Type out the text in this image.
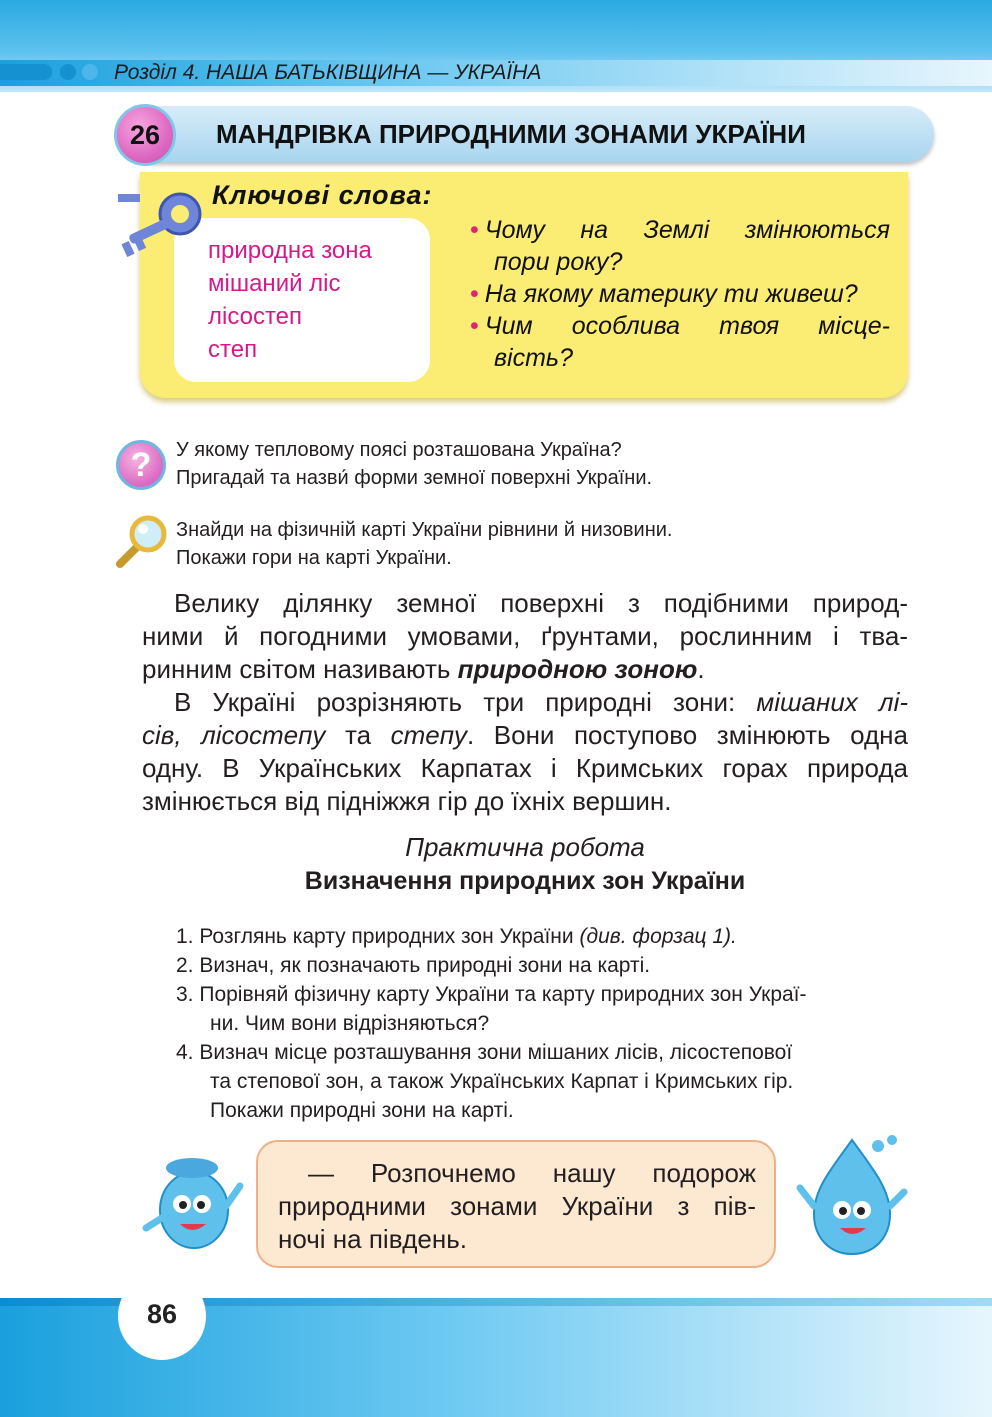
Розділ 4. НАША БАТЬКІВЩИНА — УКРАЇНА
26	МАНДРІВКА ПРИРОДНИМИ ЗОНАМИ УКРАЇНИ
Ключові слова:
природна зона
мішаний ліс
лісостеп
степ
• Чому на Землі змінюються
пори року?
• На якому материку ти живеш?
• Чим особлива твоя місце-
вість?
?	У якому тепловому поясі розташована Україна?
Пригадай та назви́ форми земної поверхні України.
Знайди на фізичній карті України рівнини й низовини.
Покажи гори на карті України.
Велику ділянку земної поверхні з подібними природ-
ними й погодними умовами, ґрунтами, рослинним і тва-
ринним світом називають природною зоною.
В Україні розрізняють три природні зони: мішаних лі-
сів, лісостепу та степу. Вони поступово змінюють одна
одну. В Українських Карпатах і Кримських горах природа
змінюється від підніжжя гір до їхніх вершин.
Практична робота
Визначення природних зон України
1. Розглянь карту природних зон України (див. форзац 1).
2. Визнач, як позначають природні зони на карті.
3. Порівняй фізичну карту України та карту природних зон Украї-
ни. Чим вони відрізняються?
4. Визнач місце розташування зони мішаних лісів, лісостепової
та степової зон, а також Українських Карпат і Кримських гір.
Покажи природні зони на карті.
— Розпочнемо нашу подорож
природними зонами України з пів-
ночі на південь.
86
